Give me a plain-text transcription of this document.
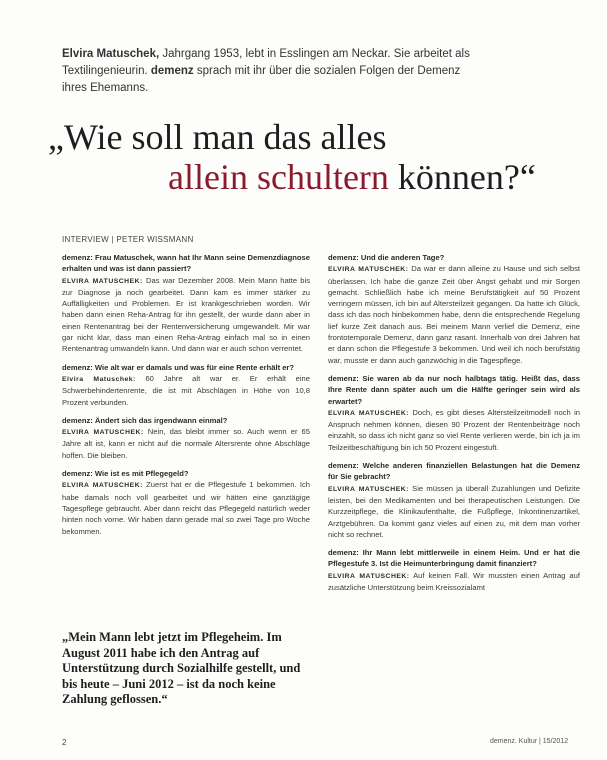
Elvira Matuschek, Jahrgang 1953, lebt in Esslingen am Neckar. Sie arbeitet als Textilingenieurin. demenz sprach mit ihr über die sozialen Folgen der Demenz ihres Ehemanns.
„Wie soll man das alles
allein schultern können?“
INTERVIEW | PETER WISSMANN

demenz: Frau Matuschek, wann hat Ihr Mann seine Demenzdiagnose erhalten und was ist dann passiert?

ELVIRA MATUSCHEK: Das war Dezember 2008. Mein Mann hatte bis zur Diagnose ja noch gearbeitet. Dann kam es immer stärker zu Auffälligkeiten und Problemen. Er ist krankgeschrieben worden. Wir haben dann einen Reha-Antrag für ihn gestellt, der wurde dann aber in einen Rentenantrag bei der Rentenversicherung umgewandelt. Mir war gar nicht klar, dass man einen Reha-Antrag einfach mal so in einen Rentenantrag umwandeln kann. Und dann war er auch schon verrentet.

demenz: Wie alt war er damals und was für eine Rente erhält er?

Elvira Matuschek: 60 Jahre alt war er. Er erhält eine Schwerbehindertenrente, die ist mit Abschlägen in Höhe von 10,8 Prozent verbunden.

demenz: Ändert sich das irgendwann einmal?

ELVIRA MATUSCHEK: Nein, das bleibt immer so. Auch wenn er 65 Jahre alt ist, kann er nicht auf die normale Altersrente ohne Abschläge hoffen. Die bleiben.

demenz: Wie ist es mit Pflegegeld?

ELVIRA MATUSCHEK: Zuerst hat er die Pflegestufe 1 bekommen. Ich habe damals noch voll gearbeitet und wir hätten eine ganztägige Tagespflege gebraucht. Aber dann reicht das Pflegegeld natürlich weder hinten noch vorne. Wir haben dann gerade mal so zwei Tage pro Woche bekommen.

demenz: Und die anderen Tage?

ELVIRA MATUSCHEK: Da war er dann alleine zu Hause und sich selbst überlassen. Ich habe die ganze Zeit über Angst gehabt und mir Sorgen gemacht. Schließlich habe ich meine Berufstätigkeit auf 50 Prozent verringern müssen, ich bin auf Altersteilzeit gegangen. Da hatte ich Glück, dass ich das noch hinbekommen habe, denn die entsprechende Regelung lief kurze Zeit danach aus. Bei meinem Mann verlief die Demenz, eine frontotemporale Demenz, dann ganz rasant. Innerhalb von drei Jahren hat er dann schon die Pflegestufe 3 bekommen. Und weil ich noch berufstätig war, musste er dann auch ganzwöchig in die Tagespflege.

demenz: Sie waren ab da nur noch halbtags tätig. Heißt das, dass Ihre Rente dann später auch um die Hälfte geringer sein wird als erwartet?

ELVIRA MATUSCHEK: Doch, es gibt dieses Altersteilzeitmodell noch in Anspruch nehmen können, diesen 90 Prozent der Rentenbeiträge noch einzahlt, so dass ich nicht ganz so viel Rente verlieren werde, bin ich ja im Teilzeitbeschäftigung bin ich 50 Prozent eingestuft.

demenz: Welche anderen finanziellen Belastungen hat die Demenz für Sie gebracht?

ELVIRA MATUSCHEK: Sie müssen ja überall Zuzahlungen und Defizite leisten, bei den Medikamenten und bei therapeutischen Leistungen. Die Kurzzeitpflege, die Klinikaufenthalte, die Fußpflege, Inkontinenzartikel, Arztgebühren. Da kommt ganz vieles auf einen zu, mit dem man vorher nicht so rechnet.

demenz: Ihr Mann lebt mittlerweile in einem Heim. Und er hat die Pflegestufe 3. Ist die Heimunterbringung damit finanziert?

ELVIRA MATUSCHEK: Auf keinen Fall. Wir mussten einen Antrag auf zusätzliche Unterstützung beim Kreissozialamt

„Mein Mann lebt jetzt im Pflegeheim. Im August 2011 habe ich den Antrag auf Unterstützung durch Sozialhilfe gestellt, und bis heute – Juni 2012 – ist da noch keine Zahlung geflossen.“
2	demenz. Kultur | 15/2012
